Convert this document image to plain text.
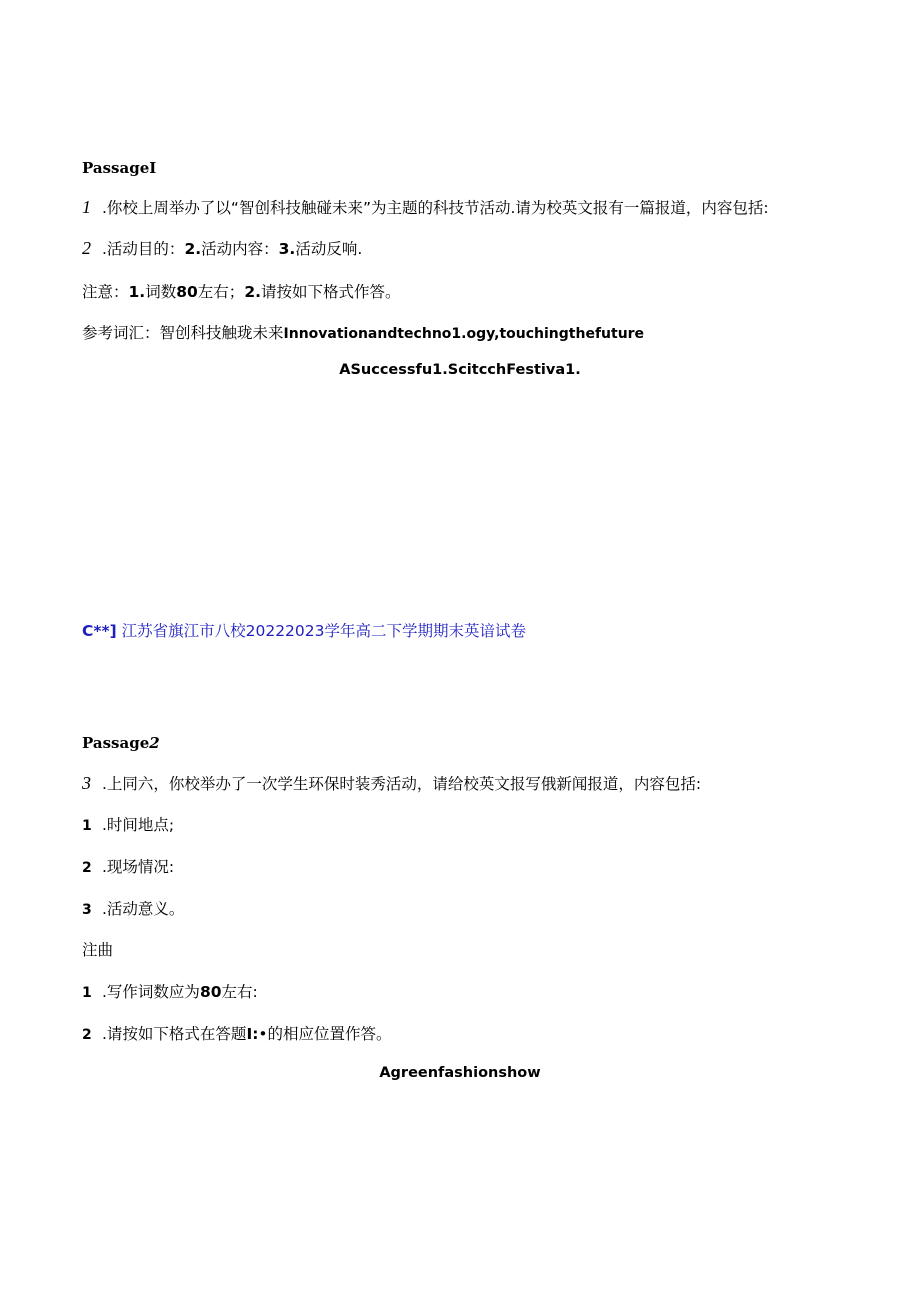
PassageI
1 .你校上周举办了以“智创科技触碰未来”为主题的科技节活动.请为校英文报有一篇报道，内容包括:
2 .活动目的：2.活动内容：3.活动反响.
注意：1.词数80左右；2.请按如下格式作答。
参考词汇：智创科技触珑未来Innovationandtechno1.ogy,touchingthefuture
ASuccessfu1.ScitcchFestiva1.
C**] 江苏省旗江市八校20222023学年高二下学期期末英谙试卷
Passage2
3 .上同六，你校举办了一次学生环保时装秀活动，请给校英文报写俄新闻报道，内容包括:
1 .时间地点;
2 .现场情况:
3 .活动意义。
注曲
1 .写作词数应为80左右:
2 .请按如下格式在答题I:•的相应位置作答。
Agreenfashionshow
